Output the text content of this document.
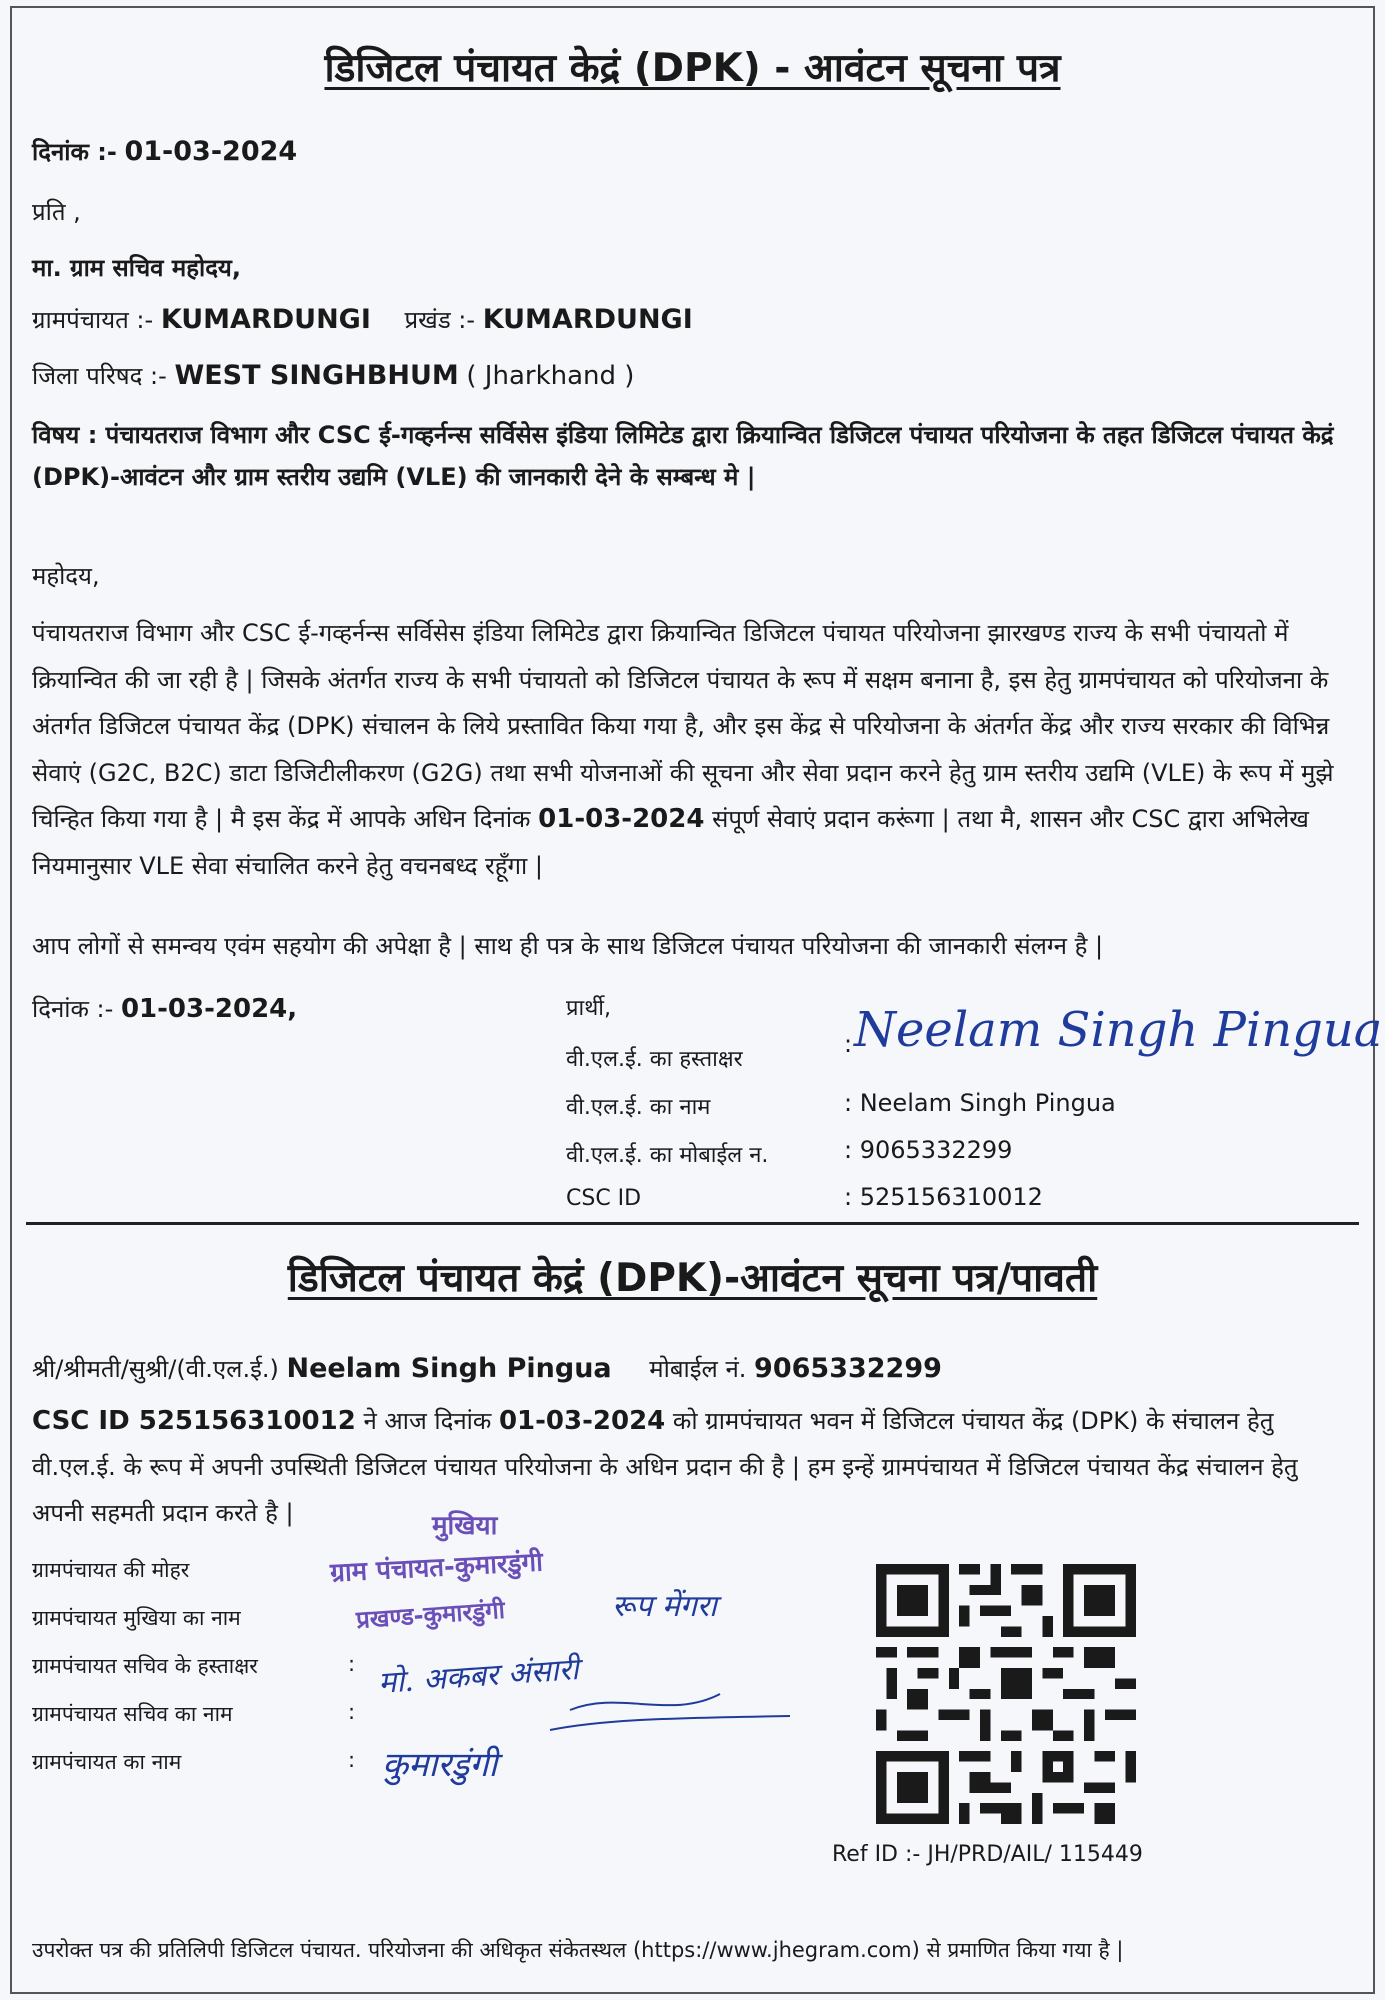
डिजिटल पंचायत केद्रं (DPK) - आवंटन सूचना पत्र
दिनांक :- 01-03-2024
प्रति ,
मा. ग्राम सचिव महोदय,
ग्रामपंचायत :- KUMARDUNGI प्रखंड :- KUMARDUNGI
जिला परिषद :- WEST SINGHBHUM ( Jharkhand )
विषय : पंचायतराज विभाग और CSC ई-गव्हर्नन्स सर्विसेस इंडिया लिमिटेड द्वारा क्रियान्वित डिजिटल पंचायत परियोजना के तहत डिजिटल पंचायत केद्रं (DPK)-आवंटन और ग्राम स्तरीय उद्यमि (VLE) की जानकारी देने के सम्बन्ध मे |
महोदय,
पंचायतराज विभाग और CSC ई-गव्हर्नन्स सर्विसेस इंडिया लिमिटेड द्वारा क्रियान्वित डिजिटल पंचायत परियोजना झारखण्ड राज्य के सभी पंचायतो में क्रियान्वित की जा रही है | जिसके अंतर्गत राज्य के सभी पंचायतो को डिजिटल पंचायत के रूप में सक्षम बनाना है, इस हेतु ग्रामपंचायत को परियोजना के अंतर्गत डिजिटल पंचायत केंद्र (DPK) संचालन के लिये प्रस्तावित किया गया है, और इस केंद्र से परियोजना के अंतर्गत केंद्र और राज्य सरकार की विभिन्न सेवाएं (G2C, B2C) डाटा डिजिटीलीकरण (G2G) तथा सभी योजनाओं की सूचना और सेवा प्रदान करने हेतु ग्राम स्तरीय उद्यमि (VLE) के रूप में मुझे चिन्हित किया गया है | मै इस केंद्र में आपके अधिन दिनांक 01-03-2024 संपूर्ण सेवाएं प्रदान करूंगा | तथा मै, शासन और CSC द्वारा अभिलेख नियमानुसार VLE सेवा संचालित करने हेतु वचनबध्द रहूँगा |
आप लोगों से समन्वय एवंम सहयोग की अपेक्षा है | साथ ही पत्र के साथ डिजिटल पंचायत परियोजना की जानकारी संलग्न है |
दिनांक :- 01-03-2024,	प्रार्थी,
वी.एल.ई. का हस्ताक्षर
वी.एल.ई. का नाम
वी.एल.ई. का मोबाईल न.
CSC ID
: Neelam Singh Pingua
: Neelam Singh Pingua
: 9065332299
: 525156310012
डिजिटल पंचायत केद्रं (DPK)-आवंटन सूचना पत्र/पावती
श्री/श्रीमती/सुश्री/(वी.एल.ई.) Neelam Singh Pingua मोबाईल नं. 9065332299
CSC ID 525156310012 ने आज दिनांक 01-03-2024 को ग्रामपंचायत भवन में डिजिटल पंचायत केंद्र (DPK) के संचालन हेतु वी.एल.ई. के रूप में अपनी उपस्थिती डिजिटल पंचायत परियोजना के अधिन प्रदान की है | हम इन्हें ग्रामपंचायत में डिजिटल पंचायत केंद्र संचालन हेतु अपनी सहमती प्रदान करते है |
ग्रामपंचायत की मोहर
ग्रामपंचायत मुखिया का नाम
ग्रामपंचायत सचिव के हस्ताक्षर
ग्रामपंचायत सचिव का नाम
ग्रामपंचायत का नाम
:
:
:
मुखिया
ग्राम पंचायत-कुमारडुंगी
प्रखण्ड-कुमारडुंगी	रूप मेंगरा
मो. अकबर अंसारी
कुमारडुंगी
Ref ID :- JH/PRD/AIL/ 115449
उपरोक्त पत्र की प्रतिलिपी डिजिटल पंचायत. परियोजना की अधिकृत संकेतस्थल (https://www.jhegram.com) से प्रमाणित किया गया है |
